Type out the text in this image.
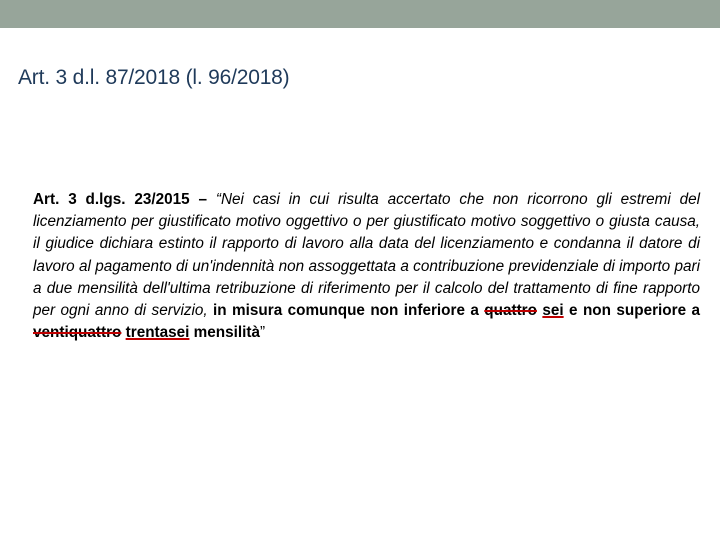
Art. 3 d.l. 87/2018 (l. 96/2018)

Art. 3 d.lgs. 23/2015 – “Nei casi in cui risulta accertato che non ricorrono gli estremi del licenziamento per giustificato motivo oggettivo o per giustificato motivo soggettivo o giusta causa, il giudice dichiara estinto il rapporto di lavoro alla data del licenziamento e condanna il datore di lavoro al pagamento di un'indennità non assoggettata a contribuzione previdenziale di importo pari a due mensilità dell'ultima retribuzione di riferimento per il calcolo del trattamento di fine rapporto per ogni anno di servizio, in misura comunque non inferiore a quattro sei e non superiore a ventiquattro trentasei mensilità”
